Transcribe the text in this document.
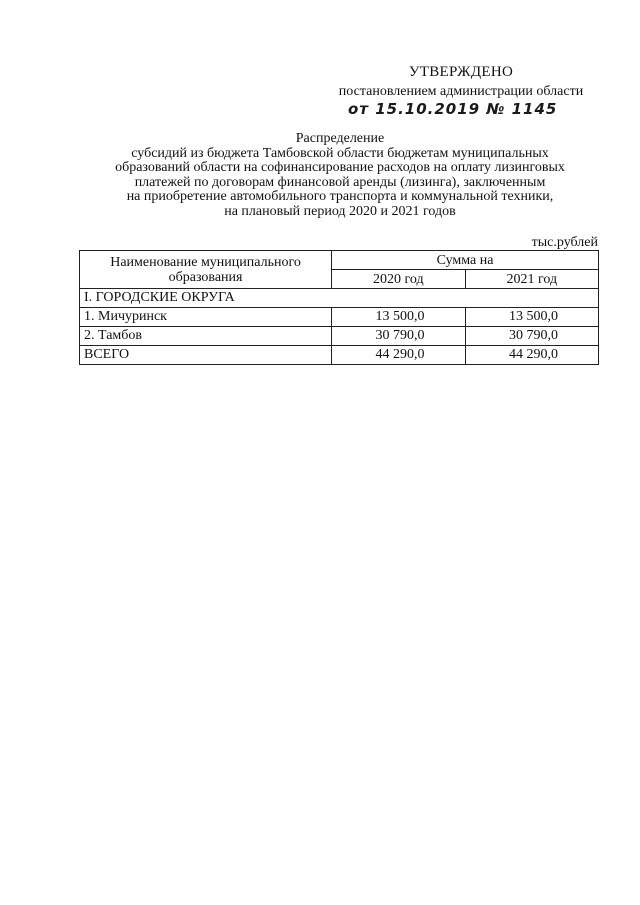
УТВЕРЖДЕНО
постановлением администрации области
от 15.10.2019 № 1145
Распределение
субсидий из бюджета Тамбовской области бюджетам муниципальных
образований области на софинансирование расходов на оплату лизинговых
платежей по договорам финансовой аренды (лизинга), заключенным
на приобретение автомобильного транспорта и коммунальной техники,
на плановый период 2020 и 2021 годов
тыс.рублей
Наименование муниципального образования	Сумма на	
	2020 год	2021 год
I. ГОРОДСКИЕ ОКРУГА		
1. Мичуринск	13 500,0	13 500,0
2. Тамбов	30 790,0	30 790,0
ВСЕГО	44 290,0	44 290,0
